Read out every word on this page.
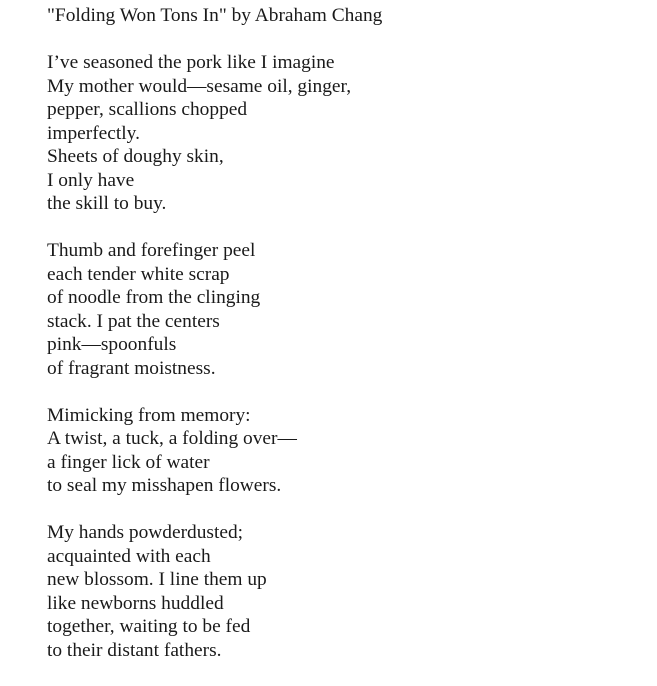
"Folding Won Tons In" by Abraham Chang
I’ve seasoned the pork like I imagine
My mother would—sesame oil, ginger,
pepper, scallions chopped
imperfectly.
Sheets of doughy skin,
I only have
the skill to buy.
Thumb and forefinger peel
each tender white scrap
of noodle from the clinging
stack. I pat the centers
pink—spoonfuls
of fragrant moistness.
Mimicking from memory:
A twist, a tuck, a folding over—
a finger lick of water
to seal my misshapen flowers.
My hands powderdusted;
acquainted with each
new blossom. I line them up
like newborns huddled
together, waiting to be fed
to their distant fathers.
